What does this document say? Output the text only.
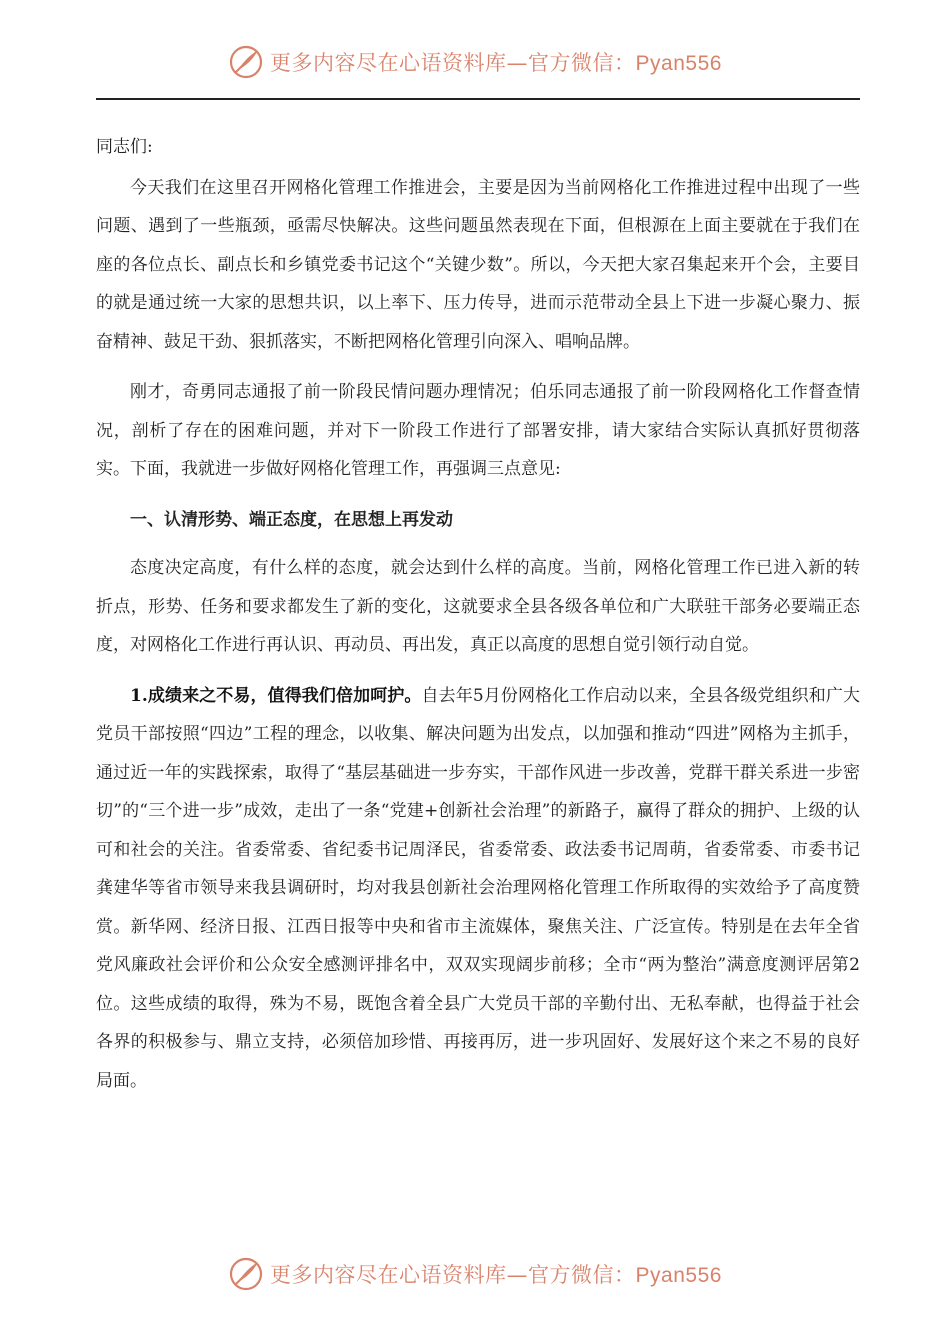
更多内容尽在心语资料库—官方微信：Pyan556

同志们:

今天我们在这里召开网格化管理工作推进会，主要是因为当前网格化工作推进过程中出现了一些问题、遇到了一些瓶颈，亟需尽快解决。这些问题虽然表现在下面，但根源在上面主要就在于我们在座的各位点长、副点长和乡镇党委书记这个“关键少数”。所以，今天把大家召集起来开个会，主要目的就是通过统一大家的思想共识，以上率下、压力传导，进而示范带动全县上下进一步凝心聚力、振奋精神、鼓足干劲、狠抓落实，不断把网格化管理引向深入、唱响品牌。

刚才，奇勇同志通报了前一阶段民情问题办理情况；伯乐同志通报了前一阶段网格化工作督查情况，剖析了存在的困难问题，并对下一阶段工作进行了部署安排，请大家结合实际认真抓好贯彻落实。下面，我就进一步做好网格化管理工作，再强调三点意见:

一、认清形势、端正态度，在思想上再发动

态度决定高度，有什么样的态度，就会达到什么样的高度。当前，网格化管理工作已进入新的转折点，形势、任务和要求都发生了新的变化，这就要求全县各级各单位和广大联驻干部务必要端正态度，对网格化工作进行再认识、再动员、再出发，真正以高度的思想自觉引领行动自觉。

1.成绩来之不易，值得我们倍加呵护。自去年5月份网格化工作启动以来，全县各级党组织和广大党员干部按照“四边”工程的理念，以收集、解决问题为出发点，以加强和推动“四进”网格为主抓手，通过近一年的实践探索，取得了“基层基础进一步夯实，干部作风进一步改善，党群干群关系进一步密切”的“三个进一步”成效，走出了一条“党建+创新社会治理”的新路子，赢得了群众的拥护、上级的认可和社会的关注。省委常委、省纪委书记周泽民，省委常委、政法委书记周萌，省委常委、市委书记龚建华等省市领导来我县调研时，均对我县创新社会治理网格化管理工作所取得的实效给予了高度赞赏。新华网、经济日报、江西日报等中央和省市主流媒体，聚焦关注、广泛宣传。特别是在去年全省党风廉政社会评价和公众安全感测评排名中，双双实现阔步前移；全市“两为整治”满意度测评居第2位。这些成绩的取得，殊为不易，既饱含着全县广大党员干部的辛勤付出、无私奉献，也得益于社会各界的积极参与、鼎立支持，必须倍加珍惜、再接再厉，进一步巩固好、发展好这个来之不易的良好局面。

更多内容尽在心语资料库—官方微信：Pyan556
